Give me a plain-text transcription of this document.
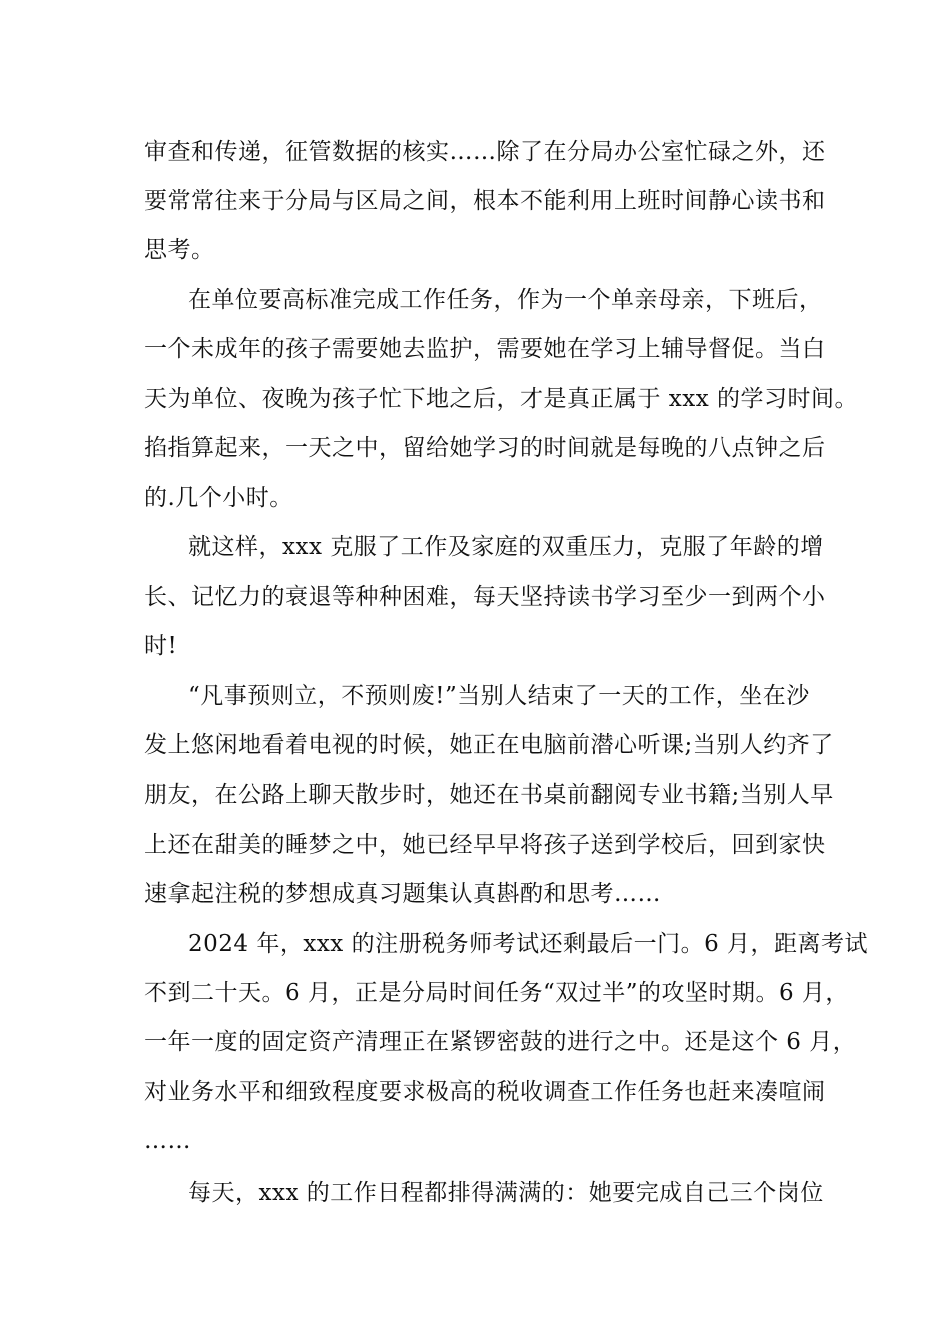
审查和传递，征管数据的核实……除了在分局办公室忙碌之外，还
要常常往来于分局与区局之间，根本不能利用上班时间静心读书和
思考。
在单位要高标准完成工作任务，作为一个单亲母亲，下班后，
一个未成年的孩子需要她去监护，需要她在学习上辅导督促。当白
天为单位、夜晚为孩子忙下地之后，才是真正属于 xxx 的学习时间。
掐指算起来，一天之中，留给她学习的时间就是每晚的八点钟之后
的.几个小时。
就这样，xxx 克服了工作及家庭的双重压力，克服了年龄的增
长、记忆力的衰退等种种困难，每天坚持读书学习至少一到两个小
时!
“凡事预则立，不预则废!”当别人结束了一天的工作，坐在沙
发上悠闲地看着电视的时候，她正在电脑前潜心听课;当别人约齐了
朋友，在公路上聊天散步时，她还在书桌前翻阅专业书籍;当别人早
上还在甜美的睡梦之中，她已经早早将孩子送到学校后，回到家快
速拿起注税的梦想成真习题集认真斟酌和思考……
2024 年，xxx 的注册税务师考试还剩最后一门。6 月，距离考试
不到二十天。6 月，正是分局时间任务“双过半”的攻坚时期。6 月，
一年一度的固定资产清理正在紧锣密鼓的进行之中。还是这个 6 月，
对业务水平和细致程度要求极高的税收调查工作任务也赶来凑喧闹
……
每天，xxx 的工作日程都排得满满的：她要完成自己三个岗位
